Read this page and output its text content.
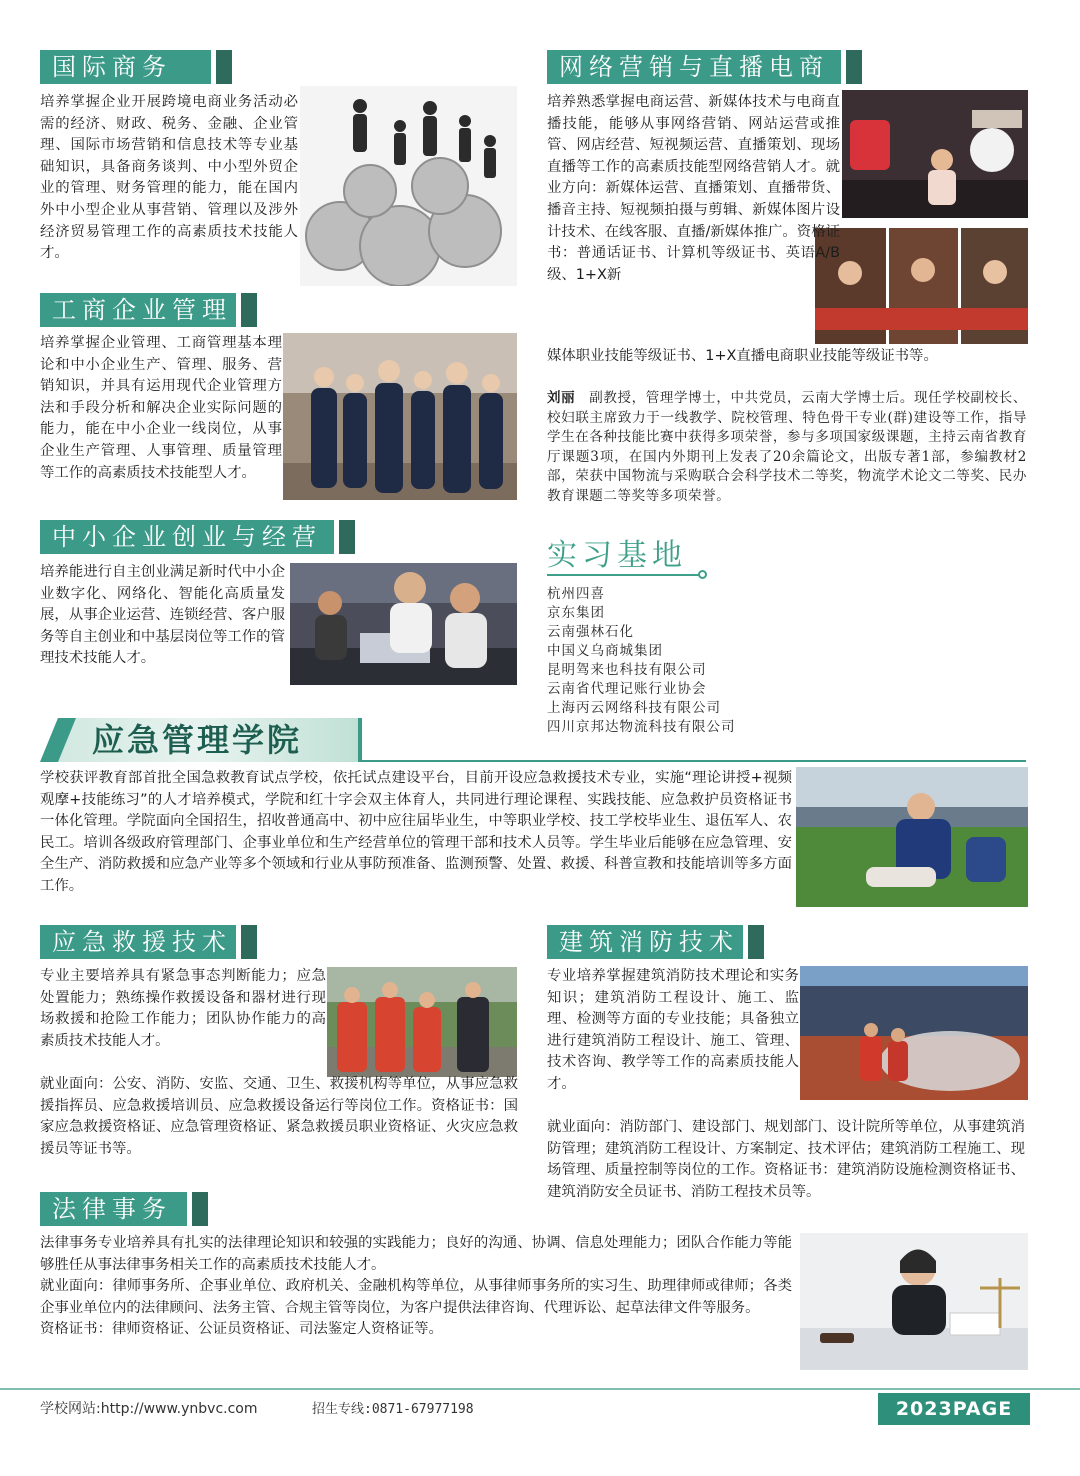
国际商务
培养掌握企业开展跨境电商业务活动必需的经济、财政、税务、金融、企业管理、国际市场营销和信息技术等专业基础知识，具备商务谈判、中小型外贸企业的管理、财务管理的能力，能在国内外中小型企业从事营销、管理以及涉外经济贸易管理工作的高素质技术技能人才。
工商企业管理
培养掌握企业管理、工商管理基本理论和中小企业生产、管理、服务、营销知识，并具有运用现代企业管理方法和手段分析和解决企业实际问题的能力，能在中小企业一线岗位，从事企业生产管理、人事管理、质量管理等工作的高素质技术技能型人才。
中小企业创业与经营
培养能进行自主创业满足新时代中小企业数字化、网络化、智能化高质量发展，从事企业运营、连锁经营、客户服务等自主创业和中基层岗位等工作的管理技术技能人才。
网络营销与直播电商
培养熟悉掌握电商运营、新媒体技术与电商直播技能，能够从事网络营销、网站运营或推管、网店经营、短视频运营、直播策划、现场直播等工作的高素质技能型网络营销人才。就业方向：新媒体运营、直播策划、直播带货、播音主持、短视频拍摄与剪辑、新媒体图片设计技术、在线客服、直播/新媒体推广。资格证书：普通话证书、计算机等级证书、英语A/B级、1+X新
媒体职业技能等级证书、1+X直播电商职业技能等级证书等。
刘丽 副教授，管理学博士，中共党员，云南大学博士后。现任学校副校长、校妇联主席致力于一线教学、院校管理、特色骨干专业(群)建设等工作，指导学生在各种技能比赛中获得多项荣誉，参与多项国家级课题，主持云南省教育厅课题3项，在国内外期刊上发表了20余篇论文，出版专著1部，参编教材2部，荣获中国物流与采购联合会科学技术二等奖，物流学术论文二等奖、民办教育课题二等奖等多项荣誉。
实习基地
杭州四喜
京东集团
云南强林石化
中国义乌商城集团
昆明驾来也科技有限公司
云南省代理记账行业协会
上海丙云网络科技有限公司
四川京邦达物流科技有限公司
应急管理学院
学校获评教育部首批全国急救教育试点学校，依托试点建设平台，目前开设应急救援技术专业，实施“理论讲授+视频观摩+技能练习”的人才培养模式，学院和红十字会双主体育人，共同进行理论课程、实践技能、应急救护员资格证书一体化管理。学院面向全国招生，招收普通高中、初中应往届毕业生，中等职业学校、技工学校毕业生、退伍军人、农民工。培训各级政府管理部门、企事业单位和生产经营单位的管理干部和技术人员等。学生毕业后能够在应急管理、安全生产、消防救援和应急产业等多个领域和行业从事防预准备、监测预警、处置、救援、科普宣教和技能培训等多方面工作。
应急救援技术
专业主要培养具有紧急事态判断能力；应急处置能力；熟练操作救援设备和器材进行现场救援和抢险工作能力；团队协作能力的高素质技术技能人才。
就业面向：公安、消防、安监、交通、卫生、救援机构等单位，从事应急救援指挥员、应急救援培训员、应急救援设备运行等岗位工作。资格证书：国家应急救援资格证、应急管理资格证、紧急救援员职业资格证、火灾应急救援员等证书等。
建筑消防技术
专业培养掌握建筑消防技术理论和实务知识；建筑消防工程设计、施工、监理、检测等方面的专业技能；具备独立进行建筑消防工程设计、施工、管理、技术咨询、教学等工作的高素质技能人才。
就业面向：消防部门、建设部门、规划部门、设计院所等单位，从事建筑消防管理；建筑消防工程设计、方案制定、技术评估；建筑消防工程施工、现场管理、质量控制等岗位的工作。资格证书：建筑消防设施检测资格证书、建筑消防安全员证书、消防工程技术员等。
法律事务

法律事务专业培养具有扎实的法律理论知识和较强的实践能力；良好的沟通、协调、信息处理能力；团队合作能力等能够胜任从事法律事务相关工作的高素质技术技能人才。

就业面向：律师事务所、企事业单位、政府机关、金融机构等单位，从事律师事务所的实习生、助理律师或律师；各类企事业单位内的法律顾问、法务主管、合规主管等岗位，为客户提供法律咨询、代理诉讼、起草法律文件等服务。

资格证书：律师资格证、公证员资格证、司法鉴定人资格证等。

学校网站:http://www.ynbvc.com	招生专线:0871-67977198	2023PAGE 08
